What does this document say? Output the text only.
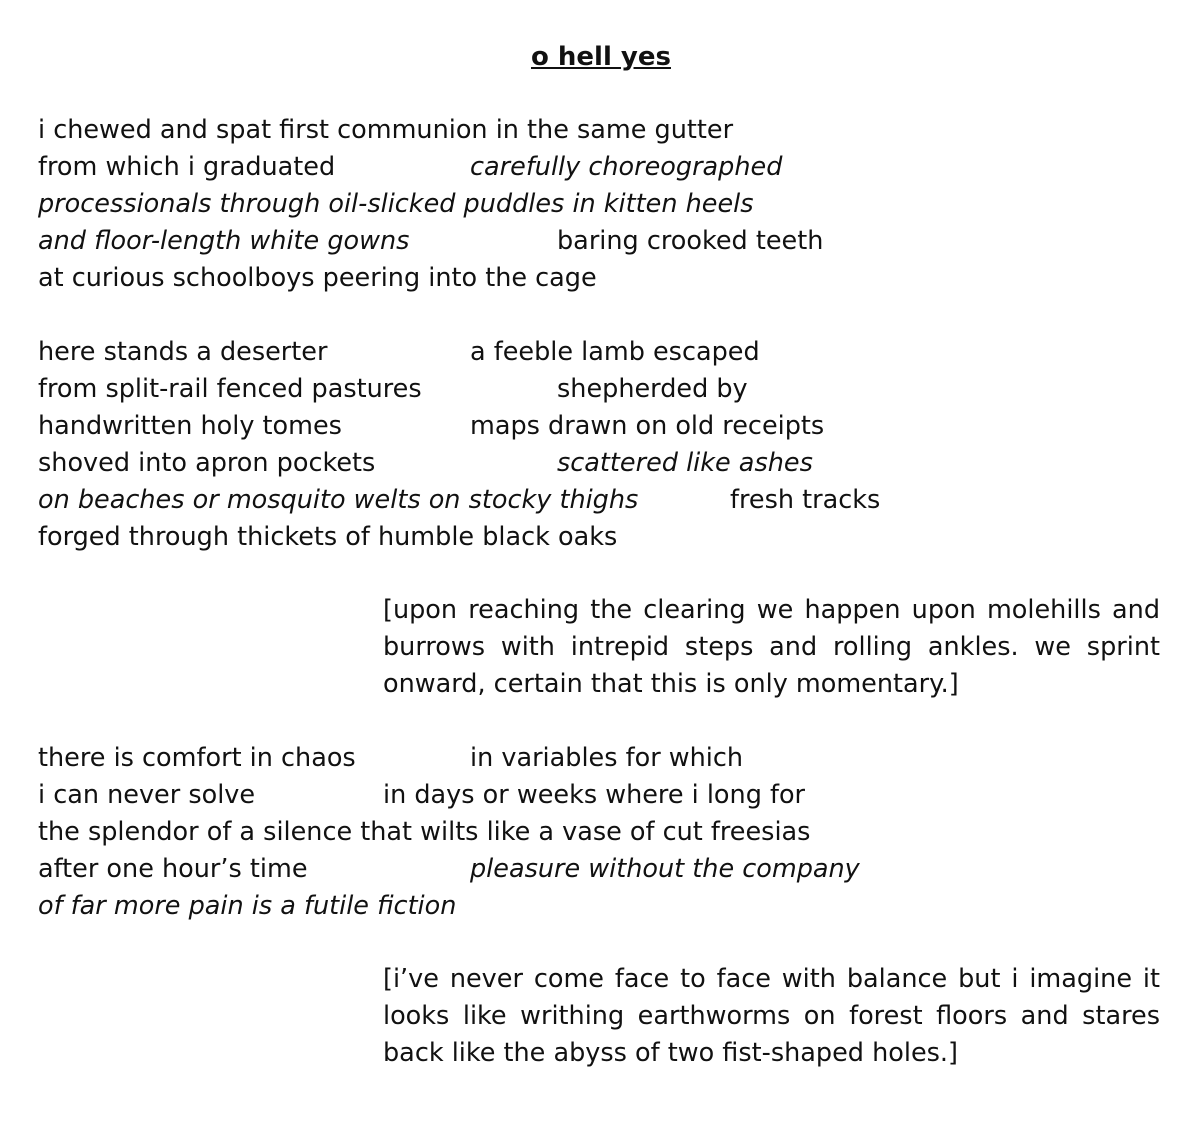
o hell yes
i chewed and spat first communion in the same gutter
from which i graduated	carefully choreographed
processionals through oil-slicked puddles in kitten heels
and floor-length white gowns	baring crooked teeth
at curious schoolboys peering into the cage
here stands a deserter	a feeble lamb escaped
from split-rail fenced pastures	shepherded by
handwritten holy tomes	maps drawn on old receipts
shoved into apron pockets	scattered like ashes
on beaches or mosquito welts on stocky thighs	fresh tracks
forged through thickets of humble black oaks
[upon reaching the clearing we happen upon molehills and burrows with intrepid steps and rolling ankles. we sprint onward, certain that this is only momentary.]
there is comfort in chaos	in variables for which
i can never solve	in days or weeks where i long for
the splendor of a silence that wilts like a vase of cut freesias
after one hour’s time	pleasure without the company
of far more pain is a futile fiction
[i’ve never come face to face with balance but i imagine it looks like writhing earthworms on forest floors and stares back like the abyss of two fist-shaped holes.]
